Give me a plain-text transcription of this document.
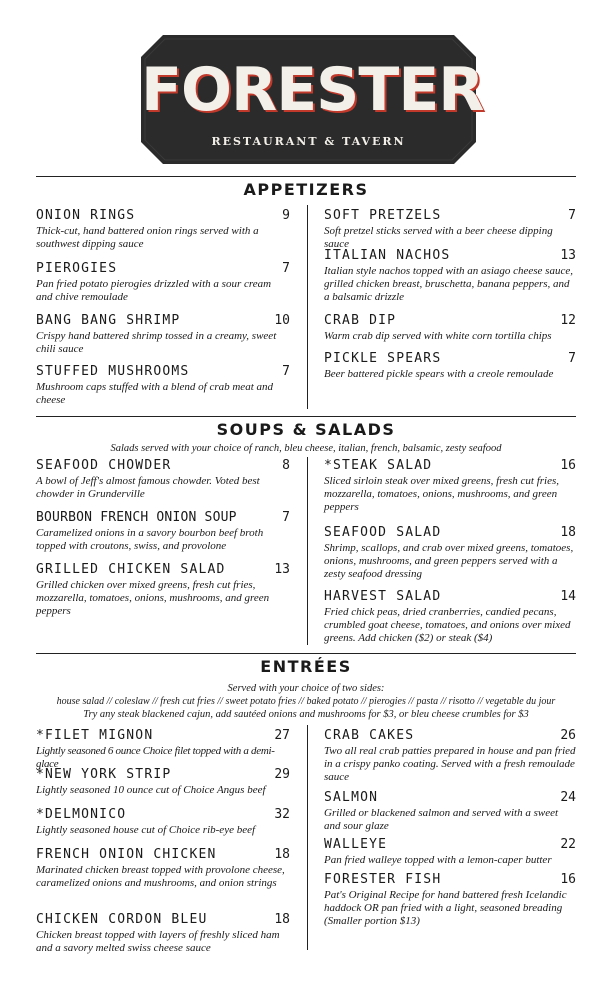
FORESTER
RESTAURANT & TAVERN
APPETIZERS
ONION RINGS	9
Thick-cut, hand battered onion rings served with a southwest dipping sauce
PIEROGIES	7
Pan fried potato pierogies drizzled with a sour cream and chive remoulade
BANG BANG SHRIMP	10
Crispy hand battered shrimp tossed in a creamy, sweet chili sauce
STUFFED MUSHROOMS	7
Mushroom caps stuffed with a blend of crab meat and cheese
SOFT PRETZELS	7
Soft pretzel sticks served with a beer cheese dipping sauce
ITALIAN NACHOS	13
Italian style nachos topped with an asiago cheese sauce, grilled chicken breast, bruschetta, banana peppers, and a balsamic drizzle
CRAB DIP	12
Warm crab dip served with white corn tortilla chips
PICKLE SPEARS	7
Beer battered pickle spears with a creole remoulade
SOUPS & SALADS
Salads served with your choice of ranch, bleu cheese, italian, french, balsamic, zesty seafood
SEAFOOD CHOWDER	8
A bowl of Jeff's almost famous chowder. Voted best chowder in Grunderville
BOURBON FRENCH ONION SOUP	7
Caramelized onions in a savory bourbon beef broth topped with croutons, swiss, and provolone
GRILLED CHICKEN SALAD	13
Grilled chicken over mixed greens, fresh cut fries, mozzarella, tomatoes, onions, mushrooms, and green peppers
*STEAK SALAD	16
Sliced sirloin steak over mixed greens, fresh cut fries, mozzarella, tomatoes, onions, mushrooms, and green peppers
SEAFOOD SALAD	18
Shrimp, scallops, and crab over mixed greens, tomatoes, onions, mushrooms, and green peppers served with a zesty seafood dressing
HARVEST SALAD	14
Fried chick peas, dried cranberries, candied pecans, crumbled goat cheese, tomatoes, and onions over mixed greens. Add chicken ($2) or steak ($4)
ENTRÉES
Served with your choice of two sides:
house salad // coleslaw // fresh cut fries // sweet potato fries // baked potato // pierogies // pasta // risotto // vegetable du jour
Try any steak blackened cajun, add sautéed onions and mushrooms for $3, or bleu cheese crumbles for $3
*FILET MIGNON	27
Lightly seasoned 6 ounce Choice filet topped with a demi-glace
*NEW YORK STRIP	29
Lightly seasoned 10 ounce cut of Choice Angus beef
*DELMONICO	32
Lightly seasoned house cut of Choice rib-eye beef
FRENCH ONION CHICKEN	18
Marinated chicken breast topped with provolone cheese, caramelized onions and mushrooms, and onion strings
CHICKEN CORDON BLEU	18
Chicken breast topped with layers of freshly sliced ham and a savory melted swiss cheese sauce
CRAB CAKES	26
Two all real crab patties prepared in house and pan fried in a crispy panko coating. Served with a fresh remoulade sauce
SALMON	24
Grilled or blackened salmon and served with a sweet and sour glaze
WALLEYE	22
Pan fried walleye topped with a lemon-caper butter
FORESTER FISH	16
Pat's Original Recipe for hand battered fresh Icelandic haddock OR pan fried with a light, seasoned breading (Smaller portion $13)
